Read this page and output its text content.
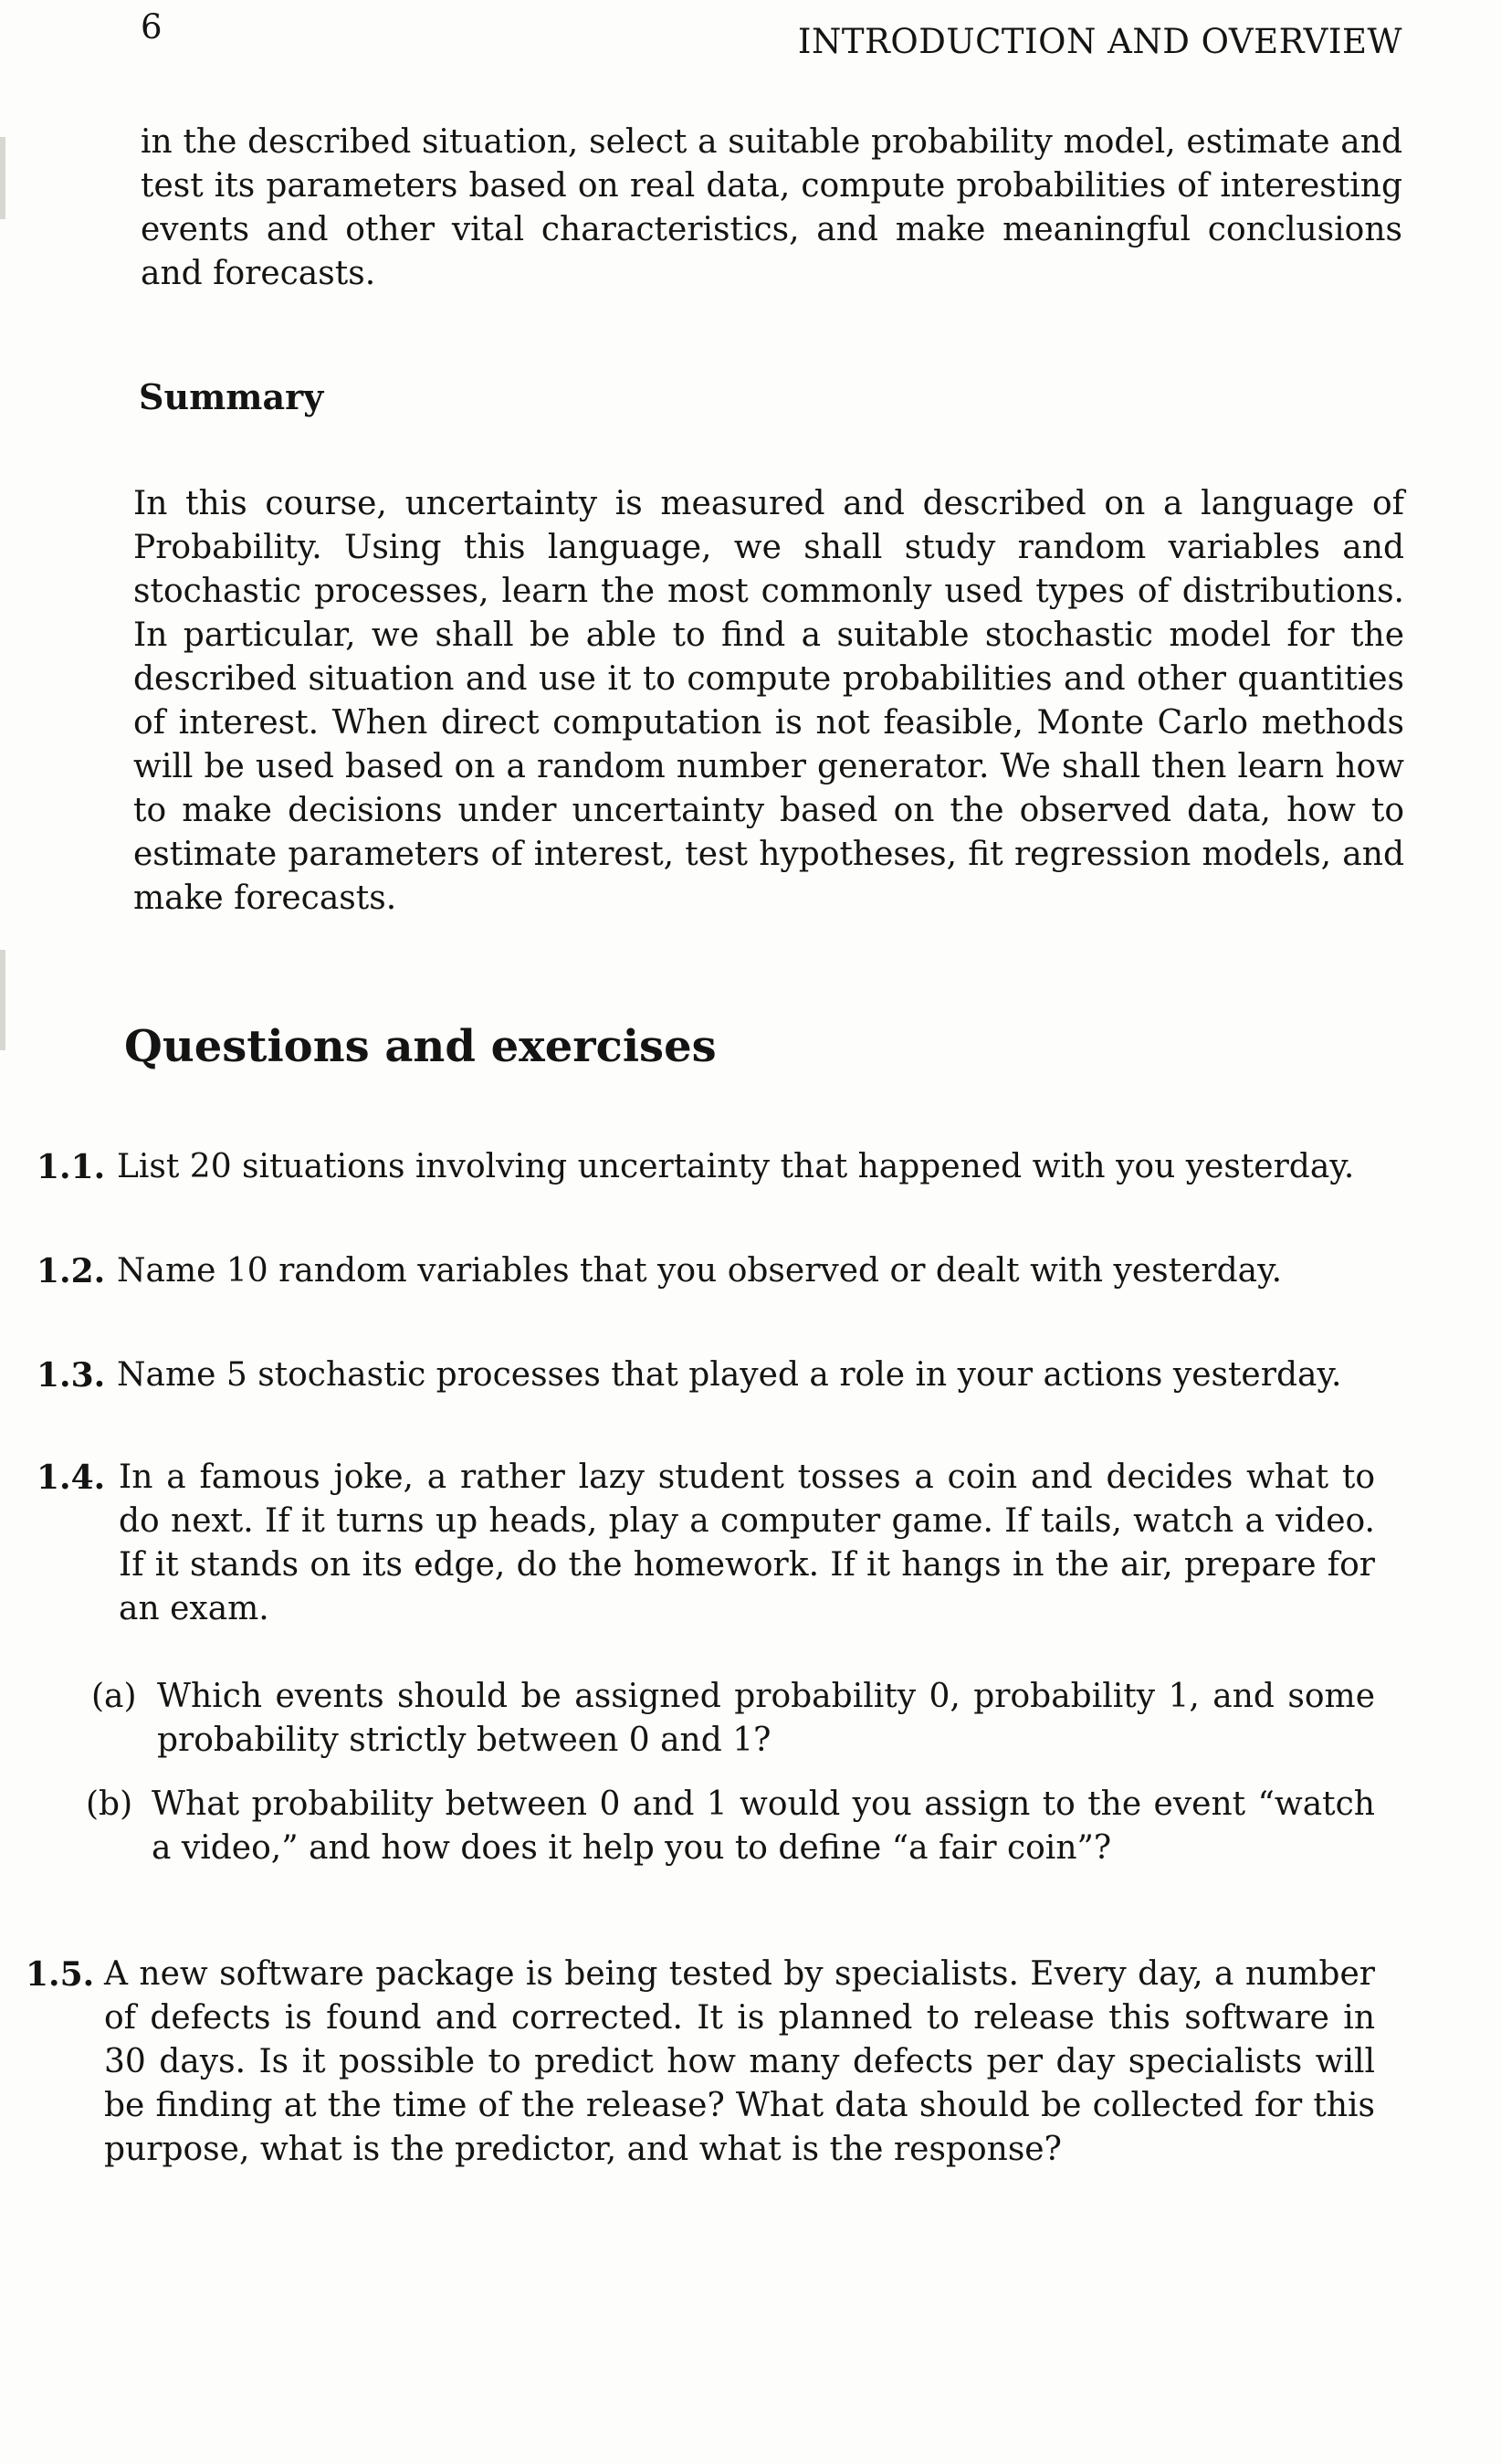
6	INTRODUCTION AND OVERVIEW

in the described situation, select a suitable probability model, estimate and test its parameters based on real data, compute probabilities of interesting events and other vital characteristics, and make meaningful conclusions and forecasts.

Summary

In this course, uncertainty is measured and described on a language of Probability. Using this language, we shall study random variables and stochastic processes, learn the most commonly used types of distributions. In particular, we shall be able to find a suitable stochastic model for the described situation and use it to compute probabilities and other quantities of interest. When direct computation is not feasible, Monte Carlo methods will be used based on a random number generator. We shall then learn how to make decisions under uncertainty based on the observed data, how to estimate parameters of interest, test hypotheses, fit regression models, and make forecasts.

Questions and exercises
1.1. List 20 situations involving uncertainty that happened with you yesterday.
1.2. Name 10 random variables that you observed or dealt with yesterday.
1.3. Name 5 stochastic processes that played a role in your actions yesterday.
1.4. In a famous joke, a rather lazy student tosses a coin and decides what to do next. If it turns up heads, play a computer game. If tails, watch a video. If it stands on its edge, do the homework. If it hangs in the air, prepare for an exam.
(a) Which events should be assigned probability 0, probability 1, and some probability strictly between 0 and 1?
(b) What probability between 0 and 1 would you assign to the event “watch a video,” and how does it help you to define “a fair coin”?
1.5. A new software package is being tested by specialists. Every day, a number of defects is found and corrected. It is planned to release this software in 30 days. Is it possible to predict how many defects per day specialists will be finding at the time of the release? What data should be collected for this purpose, what is the predictor, and what is the response?
